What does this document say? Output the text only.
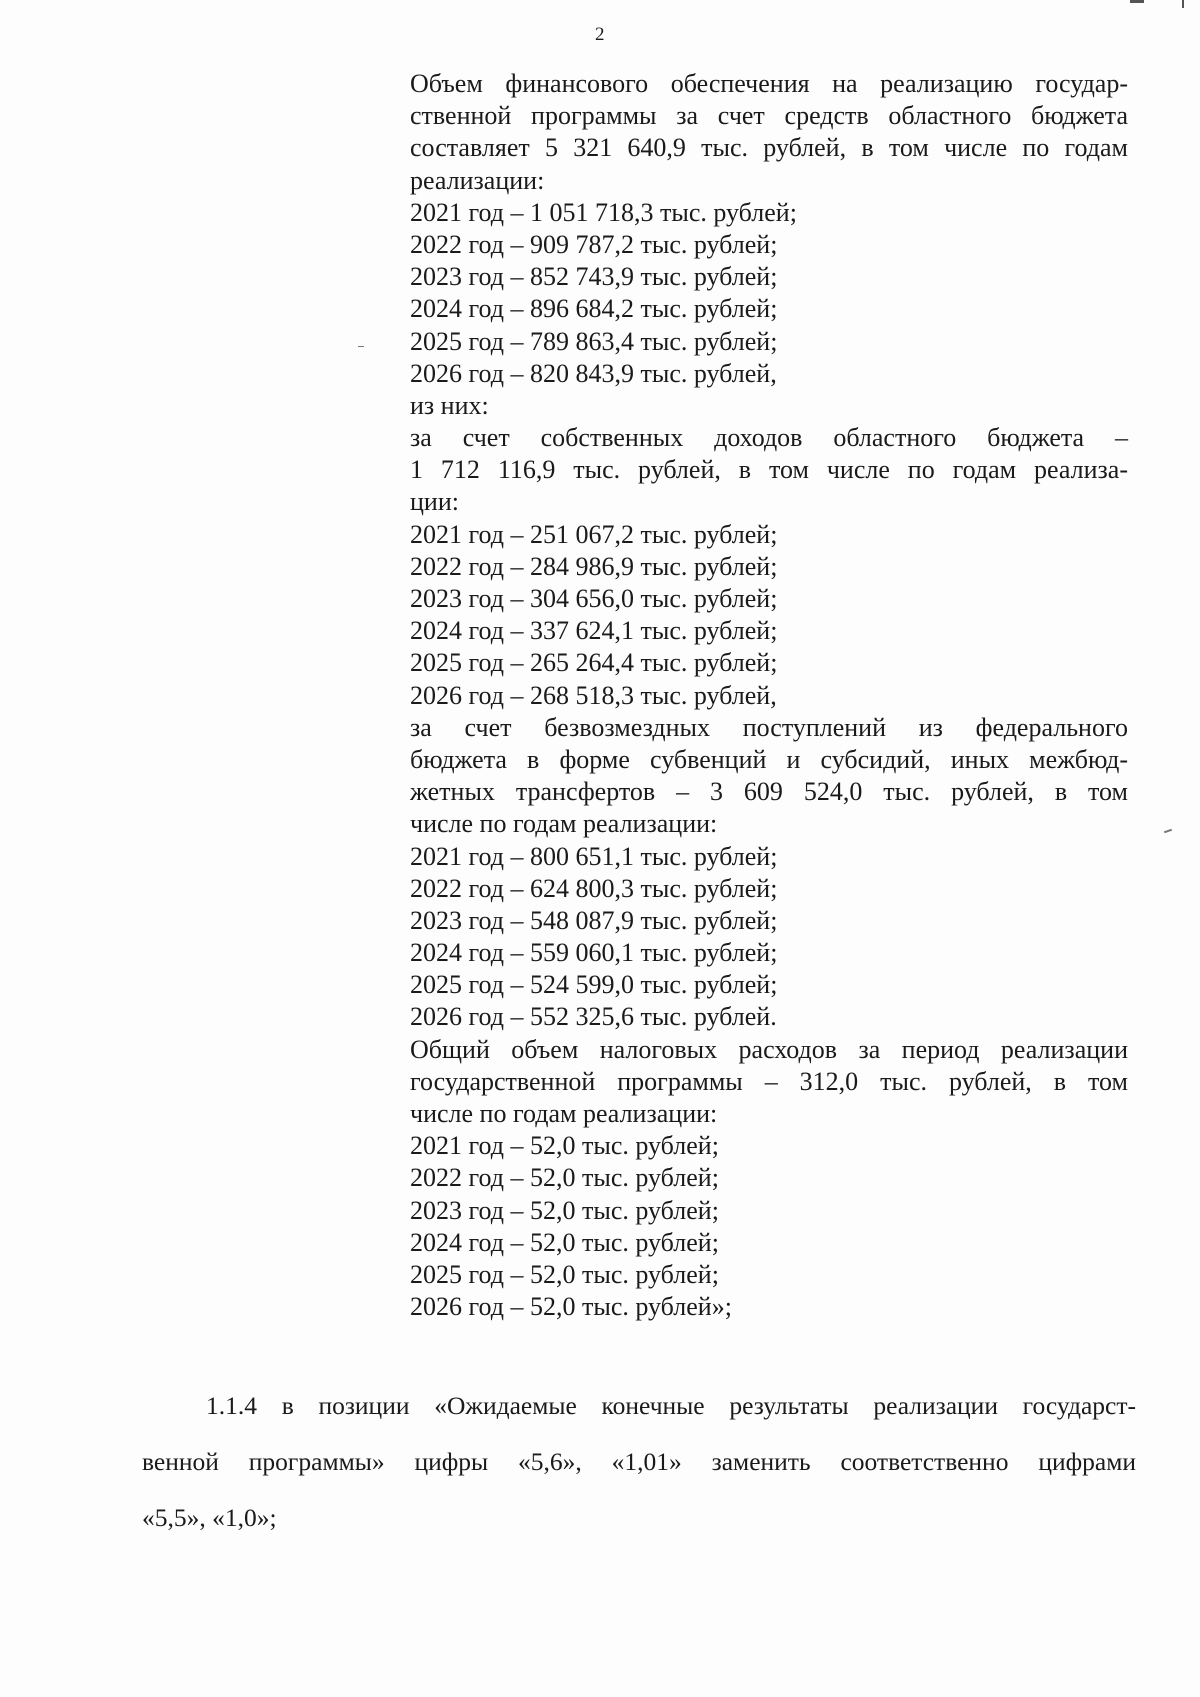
2
Объем финансового обеспечения на реализацию государ-
ственной программы за счет средств областного бюджета
составляет 5 321 640,9 тыс. рублей, в том числе по годам
реализации:
2021 год – 1 051 718,3 тыс. рублей;
2022 год – 909 787,2 тыс. рублей;
2023 год – 852 743,9 тыс. рублей;
2024 год – 896 684,2 тыс. рублей;
2025 год – 789 863,4 тыс. рублей;
2026 год – 820 843,9 тыс. рублей,
из них:
за счет собственных доходов областного бюджета –
1 712 116,9 тыс. рублей, в том числе по годам реализа-
ции:
2021 год – 251 067,2 тыс. рублей;
2022 год – 284 986,9 тыс. рублей;
2023 год – 304 656,0 тыс. рублей;
2024 год – 337 624,1 тыс. рублей;
2025 год – 265 264,4 тыс. рублей;
2026 год – 268 518,3 тыс. рублей,
за счет безвозмездных поступлений из федерального
бюджета в форме субвенций и субсидий, иных межбюд-
жетных трансфертов – 3 609 524,0 тыс. рублей, в том
числе по годам реализации:
2021 год – 800 651,1 тыс. рублей;
2022 год – 624 800,3 тыс. рублей;
2023 год – 548 087,9 тыс. рублей;
2024 год – 559 060,1 тыс. рублей;
2025 год – 524 599,0 тыс. рублей;
2026 год – 552 325,6 тыс. рублей.
Общий объем налоговых расходов за период реализации
государственной программы – 312,0 тыс. рублей, в том
числе по годам реализации:
2021 год – 52,0 тыс. рублей;
2022 год – 52,0 тыс. рублей;
2023 год – 52,0 тыс. рублей;
2024 год – 52,0 тыс. рублей;
2025 год – 52,0 тыс. рублей;
2026 год – 52,0 тыс. рублей»;
1.1.4 в позиции «Ожидаемые конечные результаты реализации государст-
венной программы» цифры «5,6», «1,01» заменить соответственно цифрами
«5,5», «1,0»;
